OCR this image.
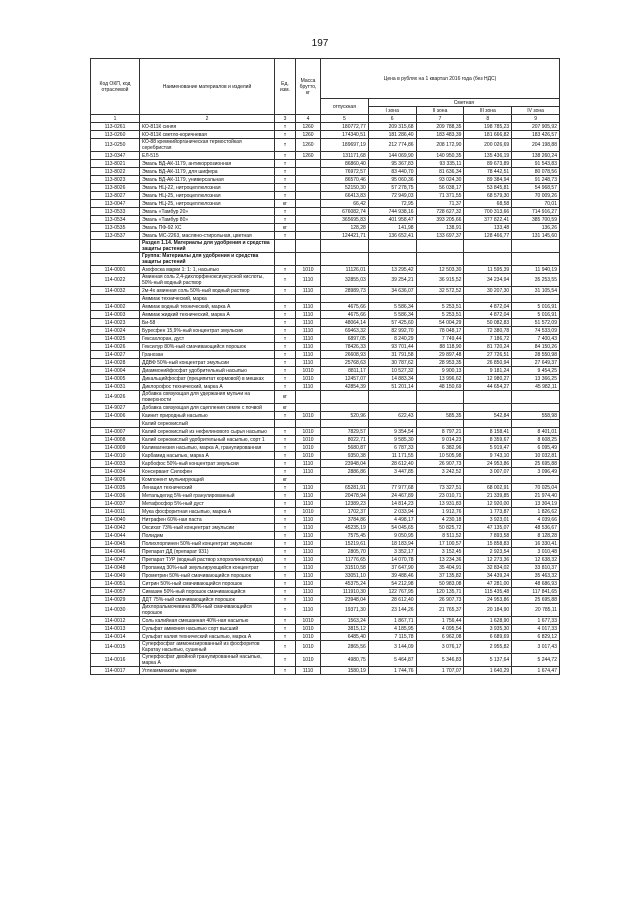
197
Код ОКП, код отраслевой	Наименование материалов и изделий	Ед. изм.	Масса брутто, кг	Цена в рублях на 1 квартал 2016 года (без НДС)				
				отпускная	Сметная			
					I зона	II зона	III зона	IV зона
1	2	3	4	5	6	7	8	9
113-0261	КО-811К синяя	т	1260	180772,77	209 315,68	209 788,35	198 785,23	207 905,92
113-0260	КО-811К светло-коричневая	т	1260	174340,51	181 286,40	183 483,39	181 666,82	183 426,57
113-0250	КО-88 кремнийорганическая термостойкая серебристая	т	1260	189697,19	212 774,86	208 172,90	200 026,69	204 198,88
113-0347	ЕЛ-515	т	1260	131171,68	144 069,90	140 950,35	135 436,19	138 260,24
113-8021	Эмаль ВД-АК-1179, антикоррозионная	т		86860,40	95 367,83	93 335,11	89 673,89	91 543,83
113-8022	Эмаль ВД-АК-1179, для шифера	т		76972,57	83 440,70	81 636,34	78 442,51	80 078,56
113-8023	Эмаль ВД-АК-1179, универсальная	т		86570,46	95 060,36	93 024,30	89 384,94	91 248,73
113-8026	Эмаль НЦ-22, нитроцеллюлозная	т		52150,30	57 278,75	56 038,17	53 845,81	54 968,57
113-8027	Эмаль НЦ-25, нитроцеллюлозная	т		66413,83	72 949,03	71 371,55	68 579,30	70 009,26
113-0047	Эмаль НЦ-25, нитроцеллюлозная	кг		66,42	72,95	71,37	68,58	70,01
113-0533	Эмаль «Тамбур 20»	т		676082,74	744 938,16	728 627,32	700 313,66	714 916,27
113-0534	Эмаль «Тамбур 80»	т		365695,83	401 958,47	393 205,66	377 822,41	385 700,59
113-0535	Эмаль ПФ-92 ХС	кг		128,28	141,98	138,91	133,48	136,26
113-0537	Эмаль МС-2263, масляно-стирольная, цветная	т		124421,71	136 652,41	133 697,37	128 466,77	131 145,60
	Раздел 1.14. Материалы для удобрения и средства защиты растений							
	Группа: Материалы для удобрения и средства защиты растений							
114-0001	Азофоска марки 1: 1: 1, насыпью	т	1010	11126,01	13 295,42	12 503,30	11 595,39	11 940,19
114-0022	Аминная соль 2,4-дихлорфеноксиуксусной кислоты, 50%-ный водный раствор	т	1110	32855,03	39 254,21	36 915,52	34 234,94	35 253,55
114-0032	2м-4х аминная соль 50%-ный водный раствор	т	1110	28989,73	34 636,07	32 572,52	30 207,30	31 105,54
	Аммиак технический, марка							
114-0002	Аммиак водный технический, марка А	т	1110	4675,66	5 586,34	5 253,51	4 872,04	5 016,91
114-0003	Аммиак жидкий технический, марка А	т	1110	4675,66	5 586,34	5 253,51	4 872,04	5 016,91
114-0023	Би-58	т	1110	48064,14	57 425,60	54 004,29	50 082,83	51 572,09
114-0024	Буресфен 15,9%-ный концентрат эмульсии	т	1110	69463,32	82 992,70	78 048,17	72 380,78	74 533,09
114-0025	Гексахлоран, дуст	т	1110	6897,05	8 240,29	7 749,44	7 186,72	7 400,43
114-0026	Гексилур 80%-ный смачивающийся порошок	т	1110	78426,33	93 701,44	88 118,90	81 720,24	84 150,26
114-0027	Гранозан	т	1110	26608,93	31 791,58	29 897,48	27 726,51	28 550,98
114-0028	ДДВФ 50%-ный концентрат эмульсии	т	1110	25768,63	30 787,62	28 953,35	26 850,94	27 649,37
114-0004	Диаммонийфосфат удобрительный насыпью	т	1010	8811,17	10 527,32	9 900,13	9 181,24	9 454,25
114-0005	Дикальцийфосфат (преципитат кормовой) в мешках	т	1010	12457,07	14 883,34	13 996,62	12 980,27	13 366,25
114-0031	Диклорофос технический, марка А	т	1110	42854,39	51 201,14	48 150,69	44 654,27	45 982,11
114-9026	Добавка связующая для удержания мульчи на поверхности	кг						
114-9027	Добавка связующая для сцепления семян с почвой	кг						
114-0006	Каинит природный насыпью	т	1010	520,96	622,43	585,35	542,84	558,98
	Калий сернокислый							
114-0007	Калий сернокислый из нефелинового сырья насыпью	т	1010	7829,57	9 354,54	8 797,21	8 158,41	8 401,01
114-0008	Калий сернокислый удобрительный насыпью, сорт 1	т	1010	8022,71	9 585,30	9 014,23	8 359,67	8 608,25
114-0009	Калимагнезия насыпью, марка А, гранулированная	т	1010	5680,87	6 787,33	6 382,96	5 919,47	6 095,49
114-0010	Карбамид насыпью, марка А	т	1010	9350,38	11 171,55	10 505,98	9 743,10	10 032,81
114-0033	Карбофос 50%-ный концентрат эмульсии	т	1110	23948,04	28 612,40	26 907,73	24 953,86	25 695,88
114-0034	Консервант Силофен	т	1110	2886,86	3 447,85	3 242,52	3 007,07	3 096,49
114-9026	Компонент мульчирующий	кг						
114-0035	Ленацил технический	т	1110	65281,91	77 977,68	73 327,51	68 002,91	70 025,04
114-0036	Метальдегид 5%-ный гранулированный	т	1110	20478,94	24 467,89	23 010,71	21 339,85	21 974,40
114-0037	Метафосфор 5%-ный дуст	т	1110	12389,23	14 814,23	13 931,83	12 920,00	13 304,19
114-0011	Мука фосфоритная насыпью, марка А	т	1010	1702,37	2 033,94	1 912,76	1 773,87	1 826,62
114-0040	Нитрафен 60%-ная паста	т	1110	3784,86	4 498,17	4 230,18	3 923,01	4 039,66
114-0042	Оксихат 73%-ный концентрат эмульсии	т	1110	45235,19	54 045,65	50 825,72	47 135,07	48 536,67
114-0044	Полидим	т	1110	7575,45	9 050,95	8 511,52	7 893,58	8 128,28
114-0045	Полихлорпинен 50%-ный концентрат эмульсии	т	1110	15219,61	18 183,94	17 100,57	15 858,83	16 330,41
114-0046	Препарат ДД (препарат 931)	т	1110	2805,70	3 352,17	3 152,45	2 923,54	3 010,48
114-0047	Препарат ТУР (водный раствор хлорхолинхлорида)	т	1110	11776,65	14 070,78	13 234,36	12 273,36	12 638,32
114-0048	Пропанид 30%-ный эмульгирующийся концентрат	т	1110	31510,58	37 647,90	35 404,91	32 834,02	33 810,37
114-0049	Прометрин 50%-ный смачивающийся порошок	т	1110	33051,10	39 488,46	37 135,82	34 439,24	35 463,32
114-0051	Ситрин 50%-ный смачивающийся порошок	т	1110	45375,24	54 212,98	50 983,08	47 281,00	48 686,93
114-0057	Симазин 50%-ный порошок смачивающийся	т	1110	111910,30	122 767,95	120 135,71	115 435,48	117 841,65
114-0029	ДДТ 75%-ный смачивающийся порошок	т	1110	23948,04	28 612,40	26 907,73	24 953,86	25 695,88
114-0030	Дихлоральмочевина 80%-ный смачивающийся порошок	т	1110	19371,30	23 144,26	21 765,37	20 184,90	20 785,11
114-0012	Соль калийная смешанная 40%-ная насыпью	т	1010	1563,24	1 867,71	1 756,44	1 628,90	1 677,33
114-0013	Сульфат аммония насыпью сорт высший	т	1010	3815,12	4 185,95	4 095,54	3 935,30	4 017,33
114-0014	Сульфат калия технический насыпью, марка А	т	1010	6485,40	7 115,78	6 962,08	6 689,69	6 829,12
114-0015	Суперфосфат аммонизированный из фосфоритов Каратау насыпью, сушеный	т	1010	2865,56	3 144,09	3 076,17	2 955,82	3 017,43
114-0016	Суперфосфат двойной гранулированный насыпью, марка А	т	1010	4980,75	5 464,87	5 346,83	5 137,64	5 244,72
114-0017	Углеаммиакаты жидкие	т	1110	1580,19	1 744,76	1 707,07	1 640,29	1 674,47
